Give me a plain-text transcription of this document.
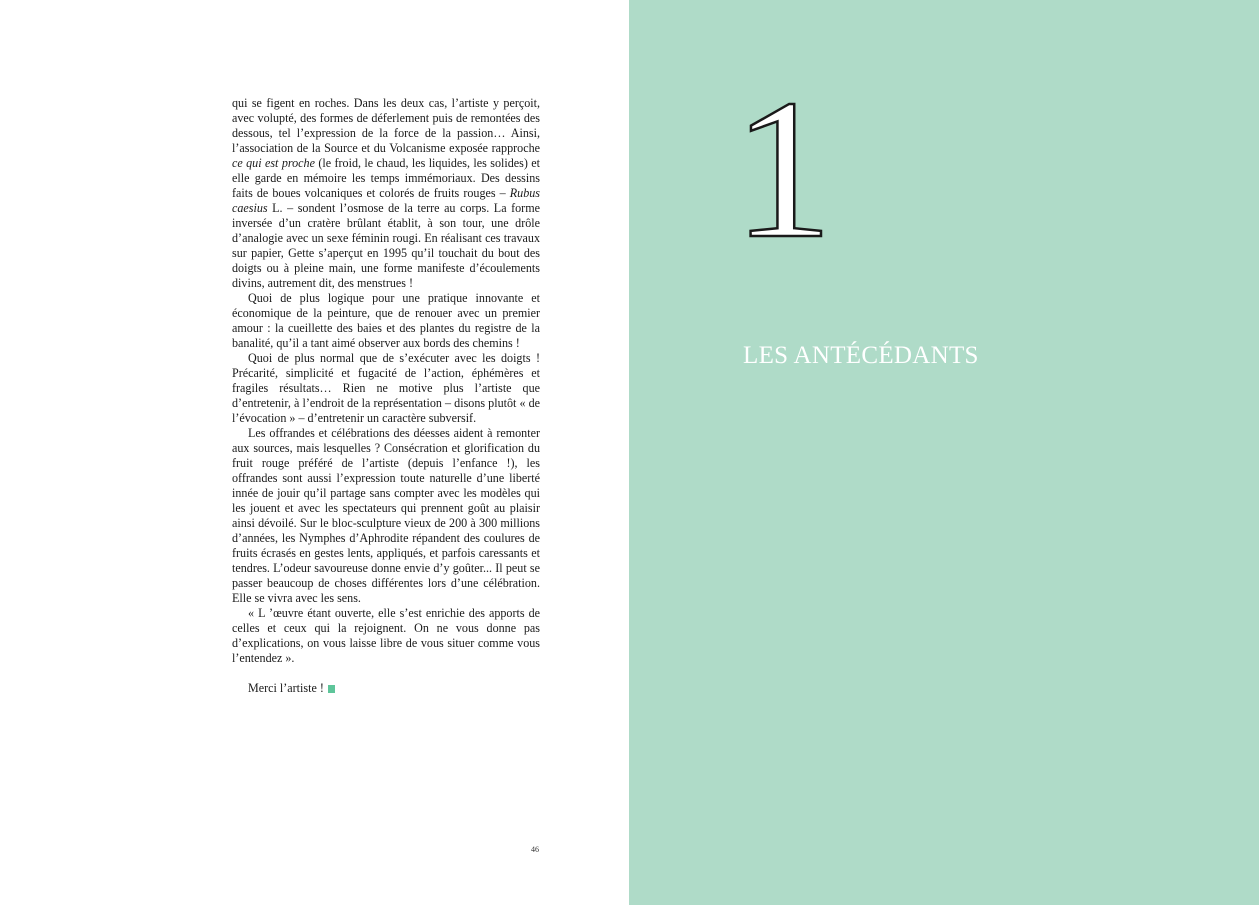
qui se figent en roches. Dans les deux cas, l’artiste y perçoit, avec volupté, des formes de déferlement puis de remontées des dessous, tel l’expression de la force de la passion… Ainsi, l’association de la Source et du Volcanisme exposée rapproche ce qui est proche (le froid, le chaud, les liquides, les solides) et elle garde en mémoire les temps immémoriaux. Des dessins faits de boues volcaniques et colorés de fruits rouges – Rubus caesius L. – sondent l’osmose de la terre au corps. La forme inversée d’un cratère brûlant établit, à son tour, une drôle d’analogie avec un sexe féminin rougi. En réalisant ces travaux sur papier, Gette s’aperçut en 1995 qu’il touchait du bout des doigts ou à pleine main, une forme manifeste d’écoulements divins, autrement dit, des menstrues !

Quoi de plus logique pour une pratique innovante et économique de la peinture, que de renouer avec un premier amour : la cueillette des baies et des plantes du registre de la banalité, qu’il a tant aimé observer aux bords des chemins !

Quoi de plus normal que de s’exécuter avec les doigts ! Précarité, simplicité et fugacité de l’action, éphémères et fragiles résultats… Rien ne motive plus l’artiste que d’entretenir, à l’endroit de la représentation – disons plutôt « de l’évocation » – d’entretenir un caractère subversif.

Les offrandes et célébrations des déesses aident à remonter aux sources, mais lesquelles ? Consécration et glorification du fruit rouge préféré de l’artiste (depuis l’enfance !), les offrandes sont aussi l’expression toute naturelle d’une liberté innée de jouir qu’il partage sans compter avec les modèles qui les jouent et avec les spectateurs qui prennent goût au plaisir ainsi dévoilé. Sur le bloc-sculpture vieux de 200 à 300 millions d’années, les Nymphes d’Aphrodite répandent des coulures de fruits écrasés en gestes lents, appliqués, et parfois caressants et tendres. L’odeur savoureuse donne envie d’y goûter... Il peut se passer beaucoup de choses différentes lors d’une célébration. Elle se vivra avec les sens.

« L ’œuvre étant ouverte, elle s’est enrichie des apports de celles et ceux qui la rejoignent. On ne vous donne pas d’explications, on vous laisse libre de vous situer comme vous l’entendez ».

Merci l’artiste !

46
1
LES ANTÉCÉDANTS
